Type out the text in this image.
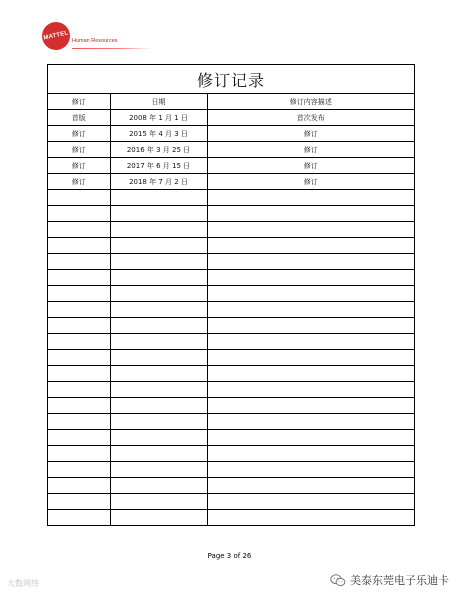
MATTEL Human Resources
修订记录
修订	日期	修订内容描述
首版	2008 年 1 月 1 日	首次发布
修订	2015 年 4 月 3 日	修订
修订	2016 年 3 月 25 日	修订
修订	2017 年 6 月 15 日	修订
修订	2018 年 7 月 2 日	修订

Page 3 of 26
大数网络	美泰东莞电子乐迪卡
